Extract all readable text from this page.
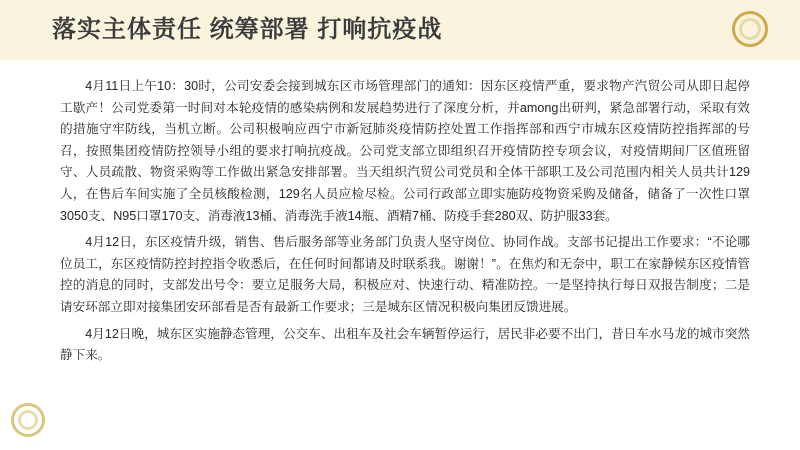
落实主体责任 统筹部署 打响抗疫战

4月11日上午10：30时，公司安委会接到城东区市场管理部门的通知：因东区疫情严重，要求物产汽贸公司从即日起停工歇产！公司党委第一时间对本轮疫情的感染病例和发展趋势进行了深度分析，并among出研判，紧急部署行动，采取有效的措施守牢防线，当机立断。公司积极响应西宁市新冠肺炎疫情防控处置工作指挥部和西宁市城东区疫情防控指挥部的号召，按照集团疫情防控领导小组的要求打响抗疫战。公司党支部立即组织召开疫情防控专项会议，对疫情期间厂区值班留守、人员疏散、物资采购等工作做出紧急安排部署。当天组织汽贸公司党员和全体干部职工及公司范围内相关人员共计129人，在售后车间实施了全员核酸检测，129名人员应检尽检。公司行政部立即实施防疫物资采购及储备，储备了一次性口罩3050支、N95口罩170支、消毒液13桶、消毒洗手液14瓶、酒精7桶、防疫手套280双、防护服33套。

4月12日，东区疫情升级，销售、售后服务部等业务部门负责人坚守岗位、协同作战。支部书记提出工作要求：“不论哪位员工，东区疫情防控封控指令收悉后，在任何时间都请及时联系我。谢谢！”。在焦灼和无奈中，职工在家静候东区疫情管控的消息的同时，支部发出号令：要立足服务大局，积极应对、快速行动、精准防控。一是坚持执行每日双报告制度；二是请安环部立即对接集团安环部看是否有最新工作要求；三是城东区情况积极向集团反馈进展。

4月12日晚，城东区实施静态管理，公交车、出租车及社会车辆暂停运行，居民非必要不出门，昔日车水马龙的城市突然静下来。
